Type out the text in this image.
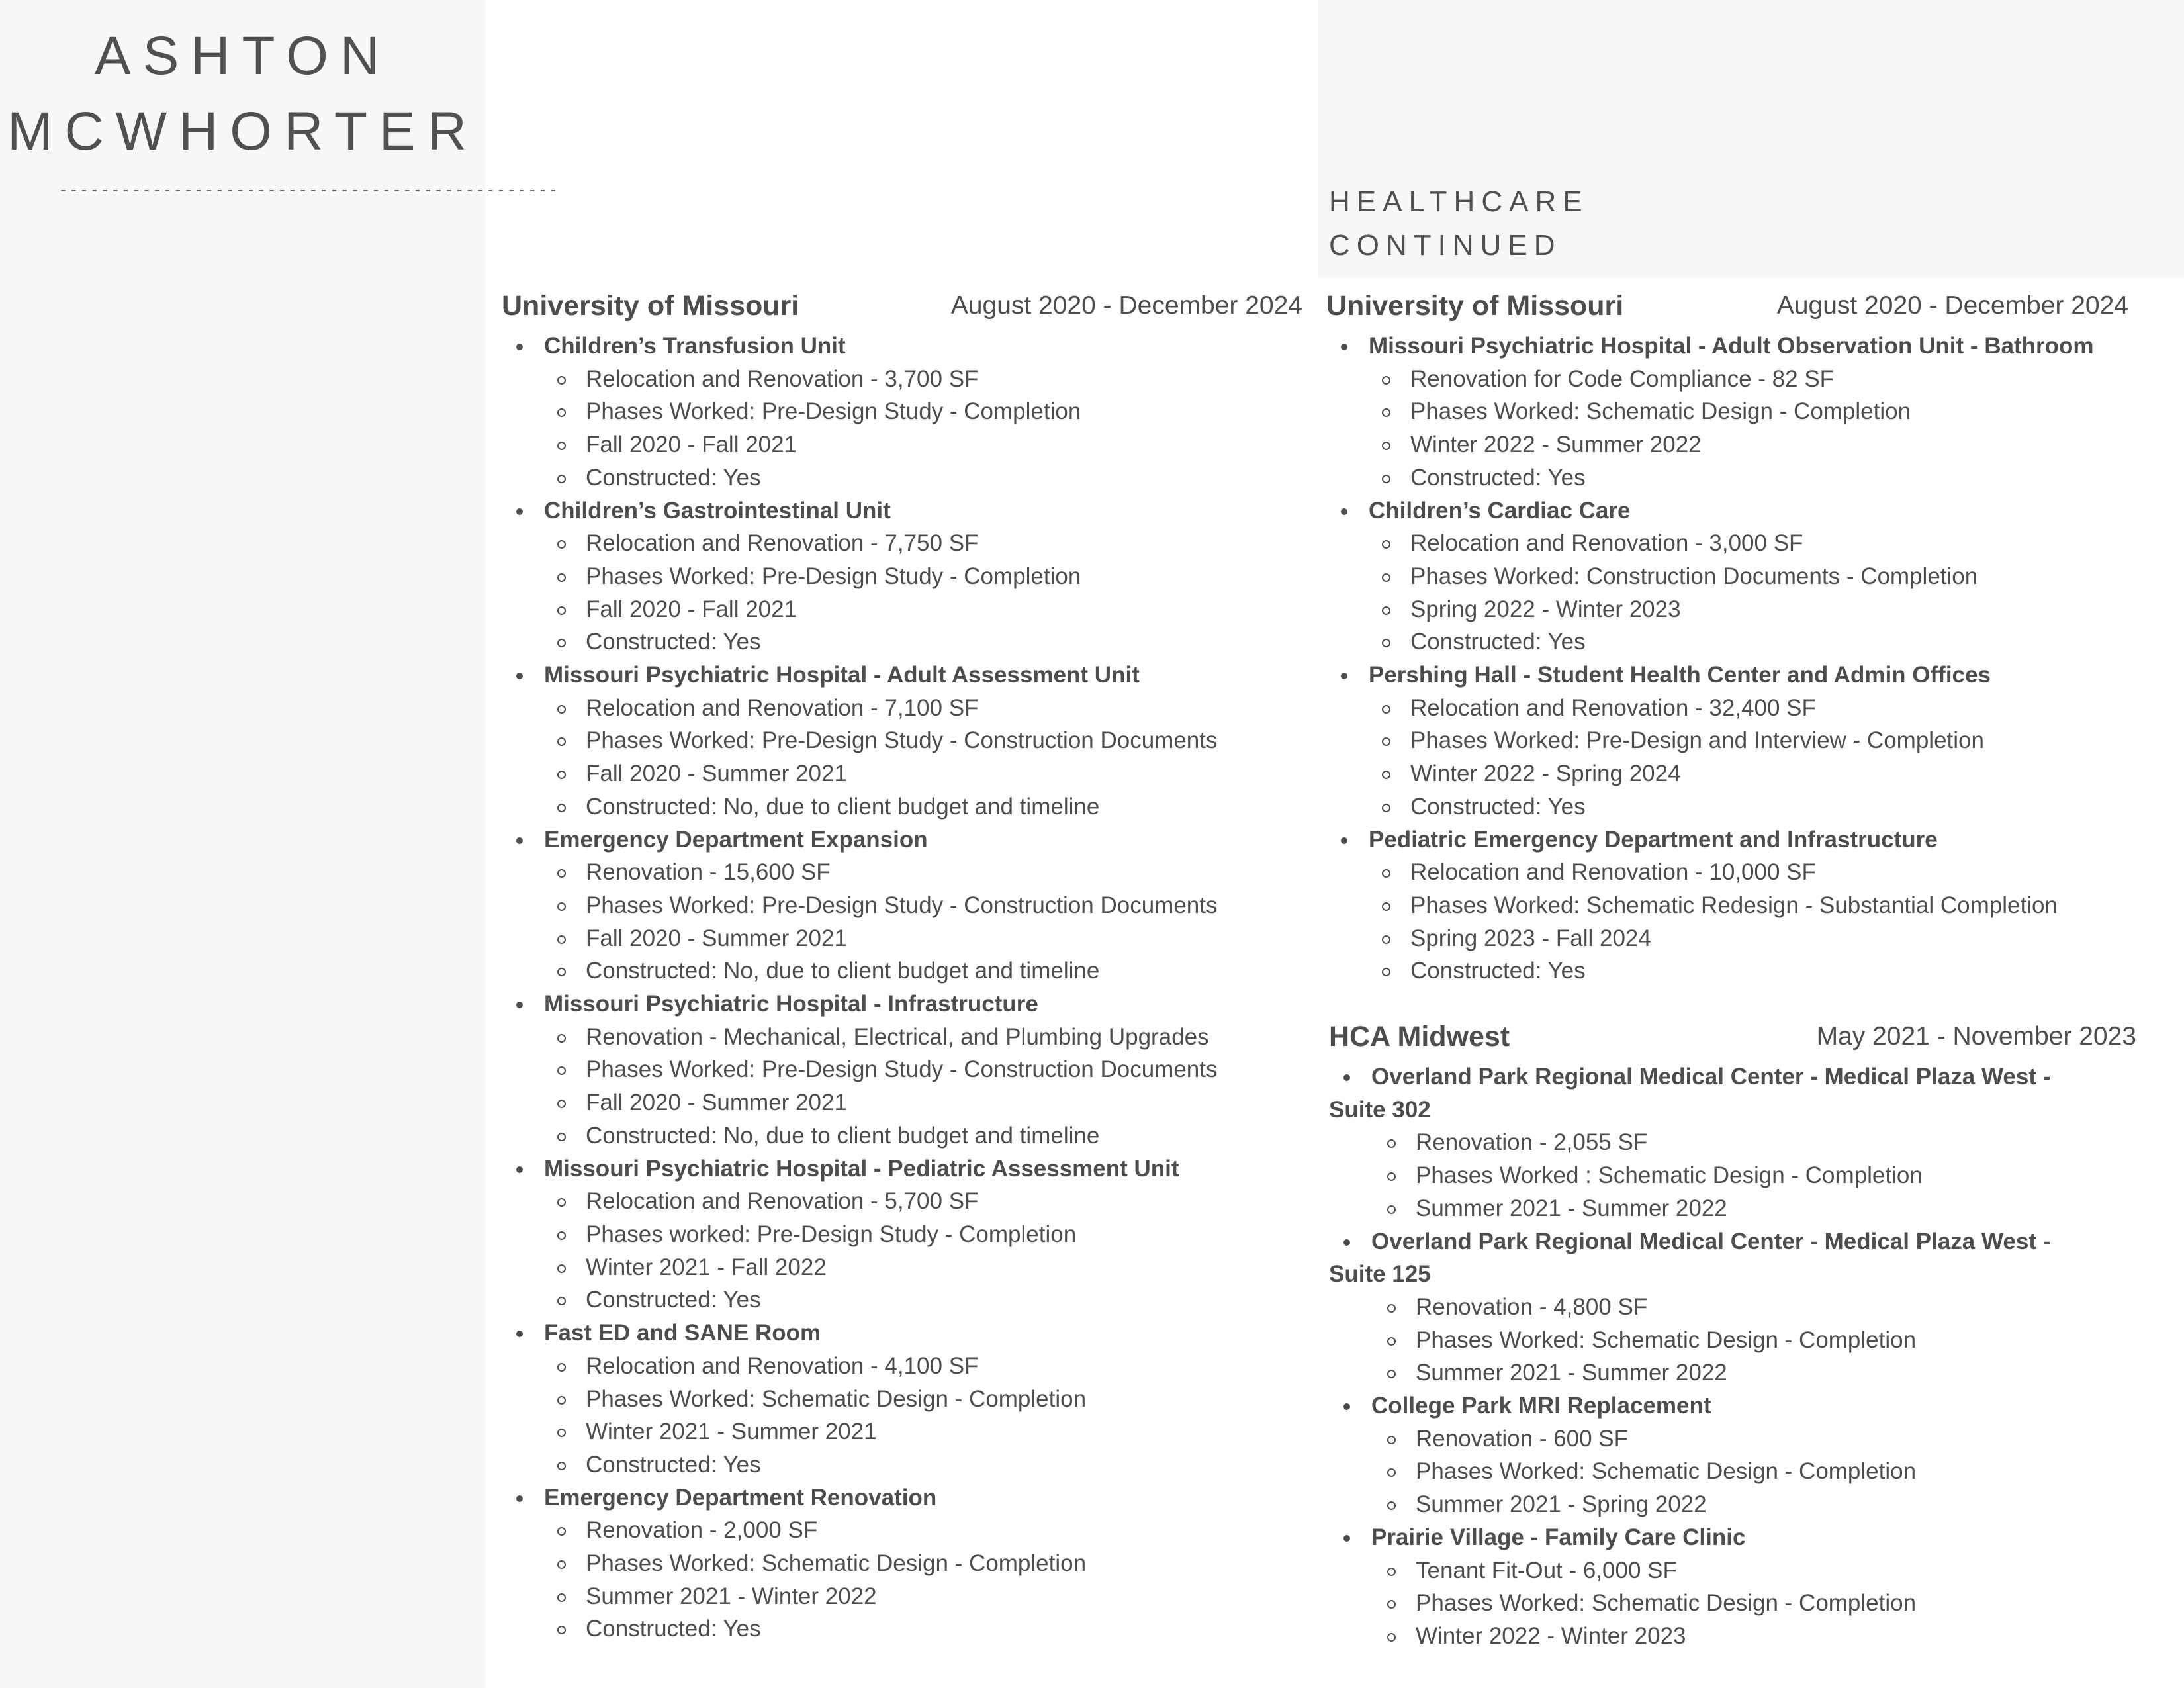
ASHTON
MCWHORTER
------------------------------------------------	HEALTHCARE
CONTINUED
University of Missouri	August 2020 - December 2024
Children’s Transfusion Unit
Relocation and Renovation - 3,700 SF
Phases Worked: Pre-Design Study - Completion
Fall 2020 - Fall 2021
Constructed: Yes
Children’s Gastrointestinal Unit
Relocation and Renovation - 7,750 SF
Phases Worked: Pre-Design Study - Completion
Fall 2020 - Fall 2021
Constructed: Yes
Missouri Psychiatric Hospital - Adult Assessment Unit
Relocation and Renovation - 7,100 SF
Phases Worked: Pre-Design Study - Construction Documents
Fall 2020 - Summer 2021
Constructed: No, due to client budget and timeline
Emergency Department Expansion
Renovation - 15,600 SF
Phases Worked: Pre-Design Study - Construction Documents
Fall 2020 - Summer 2021
Constructed: No, due to client budget and timeline
Missouri Psychiatric Hospital - Infrastructure
Renovation - Mechanical, Electrical, and Plumbing Upgrades
Phases Worked: Pre-Design Study - Construction Documents
Fall 2020 - Summer 2021
Constructed: No, due to client budget and timeline
Missouri Psychiatric Hospital - Pediatric Assessment Unit
Relocation and Renovation - 5,700 SF
Phases worked: Pre-Design Study - Completion
Winter 2021 - Fall 2022
Constructed: Yes
Fast ED and SANE Room
Relocation and Renovation - 4,100 SF
Phases Worked: Schematic Design - Completion
Winter 2021 - Summer 2021
Constructed: Yes
Emergency Department Renovation
Renovation - 2,000 SF
Phases Worked: Schematic Design - Completion
Summer 2021 - Winter 2022
Constructed: Yes
University of Missouri	August 2020 - December 2024
Missouri Psychiatric Hospital - Adult Observation Unit - Bathroom
Renovation for Code Compliance - 82 SF
Phases Worked: Schematic Design - Completion
Winter 2022 - Summer 2022
Constructed: Yes
Children’s Cardiac Care
Relocation and Renovation - 3,000 SF
Phases Worked: Construction Documents - Completion
Spring 2022 - Winter 2023
Constructed: Yes
Pershing Hall - Student Health Center and Admin Offices
Relocation and Renovation - 32,400 SF
Phases Worked: Pre-Design and Interview - Completion
Winter 2022 - Spring 2024
Constructed: Yes
Pediatric Emergency Department and Infrastructure
Relocation and Renovation - 10,000 SF
Phases Worked: Schematic Redesign - Substantial Completion
Spring 2023 - Fall 2024
Constructed: Yes
HCA Midwest	May 2021 - November 2023
Overland Park Regional Medical Center - Medical Plaza West - Suite 302
Renovation - 2,055 SF
Phases Worked : Schematic Design - Completion
Summer 2021 - Summer 2022
Overland Park Regional Medical Center - Medical Plaza West - Suite 125
Renovation - 4,800 SF
Phases Worked: Schematic Design - Completion
Summer 2021 - Summer 2022
College Park MRI Replacement
Renovation - 600 SF
Phases Worked: Schematic Design - Completion
Summer 2021 - Spring 2022
Prairie Village - Family Care Clinic
Tenant Fit-Out - 6,000 SF
Phases Worked: Schematic Design - Completion
Winter 2022 - Winter 2023
